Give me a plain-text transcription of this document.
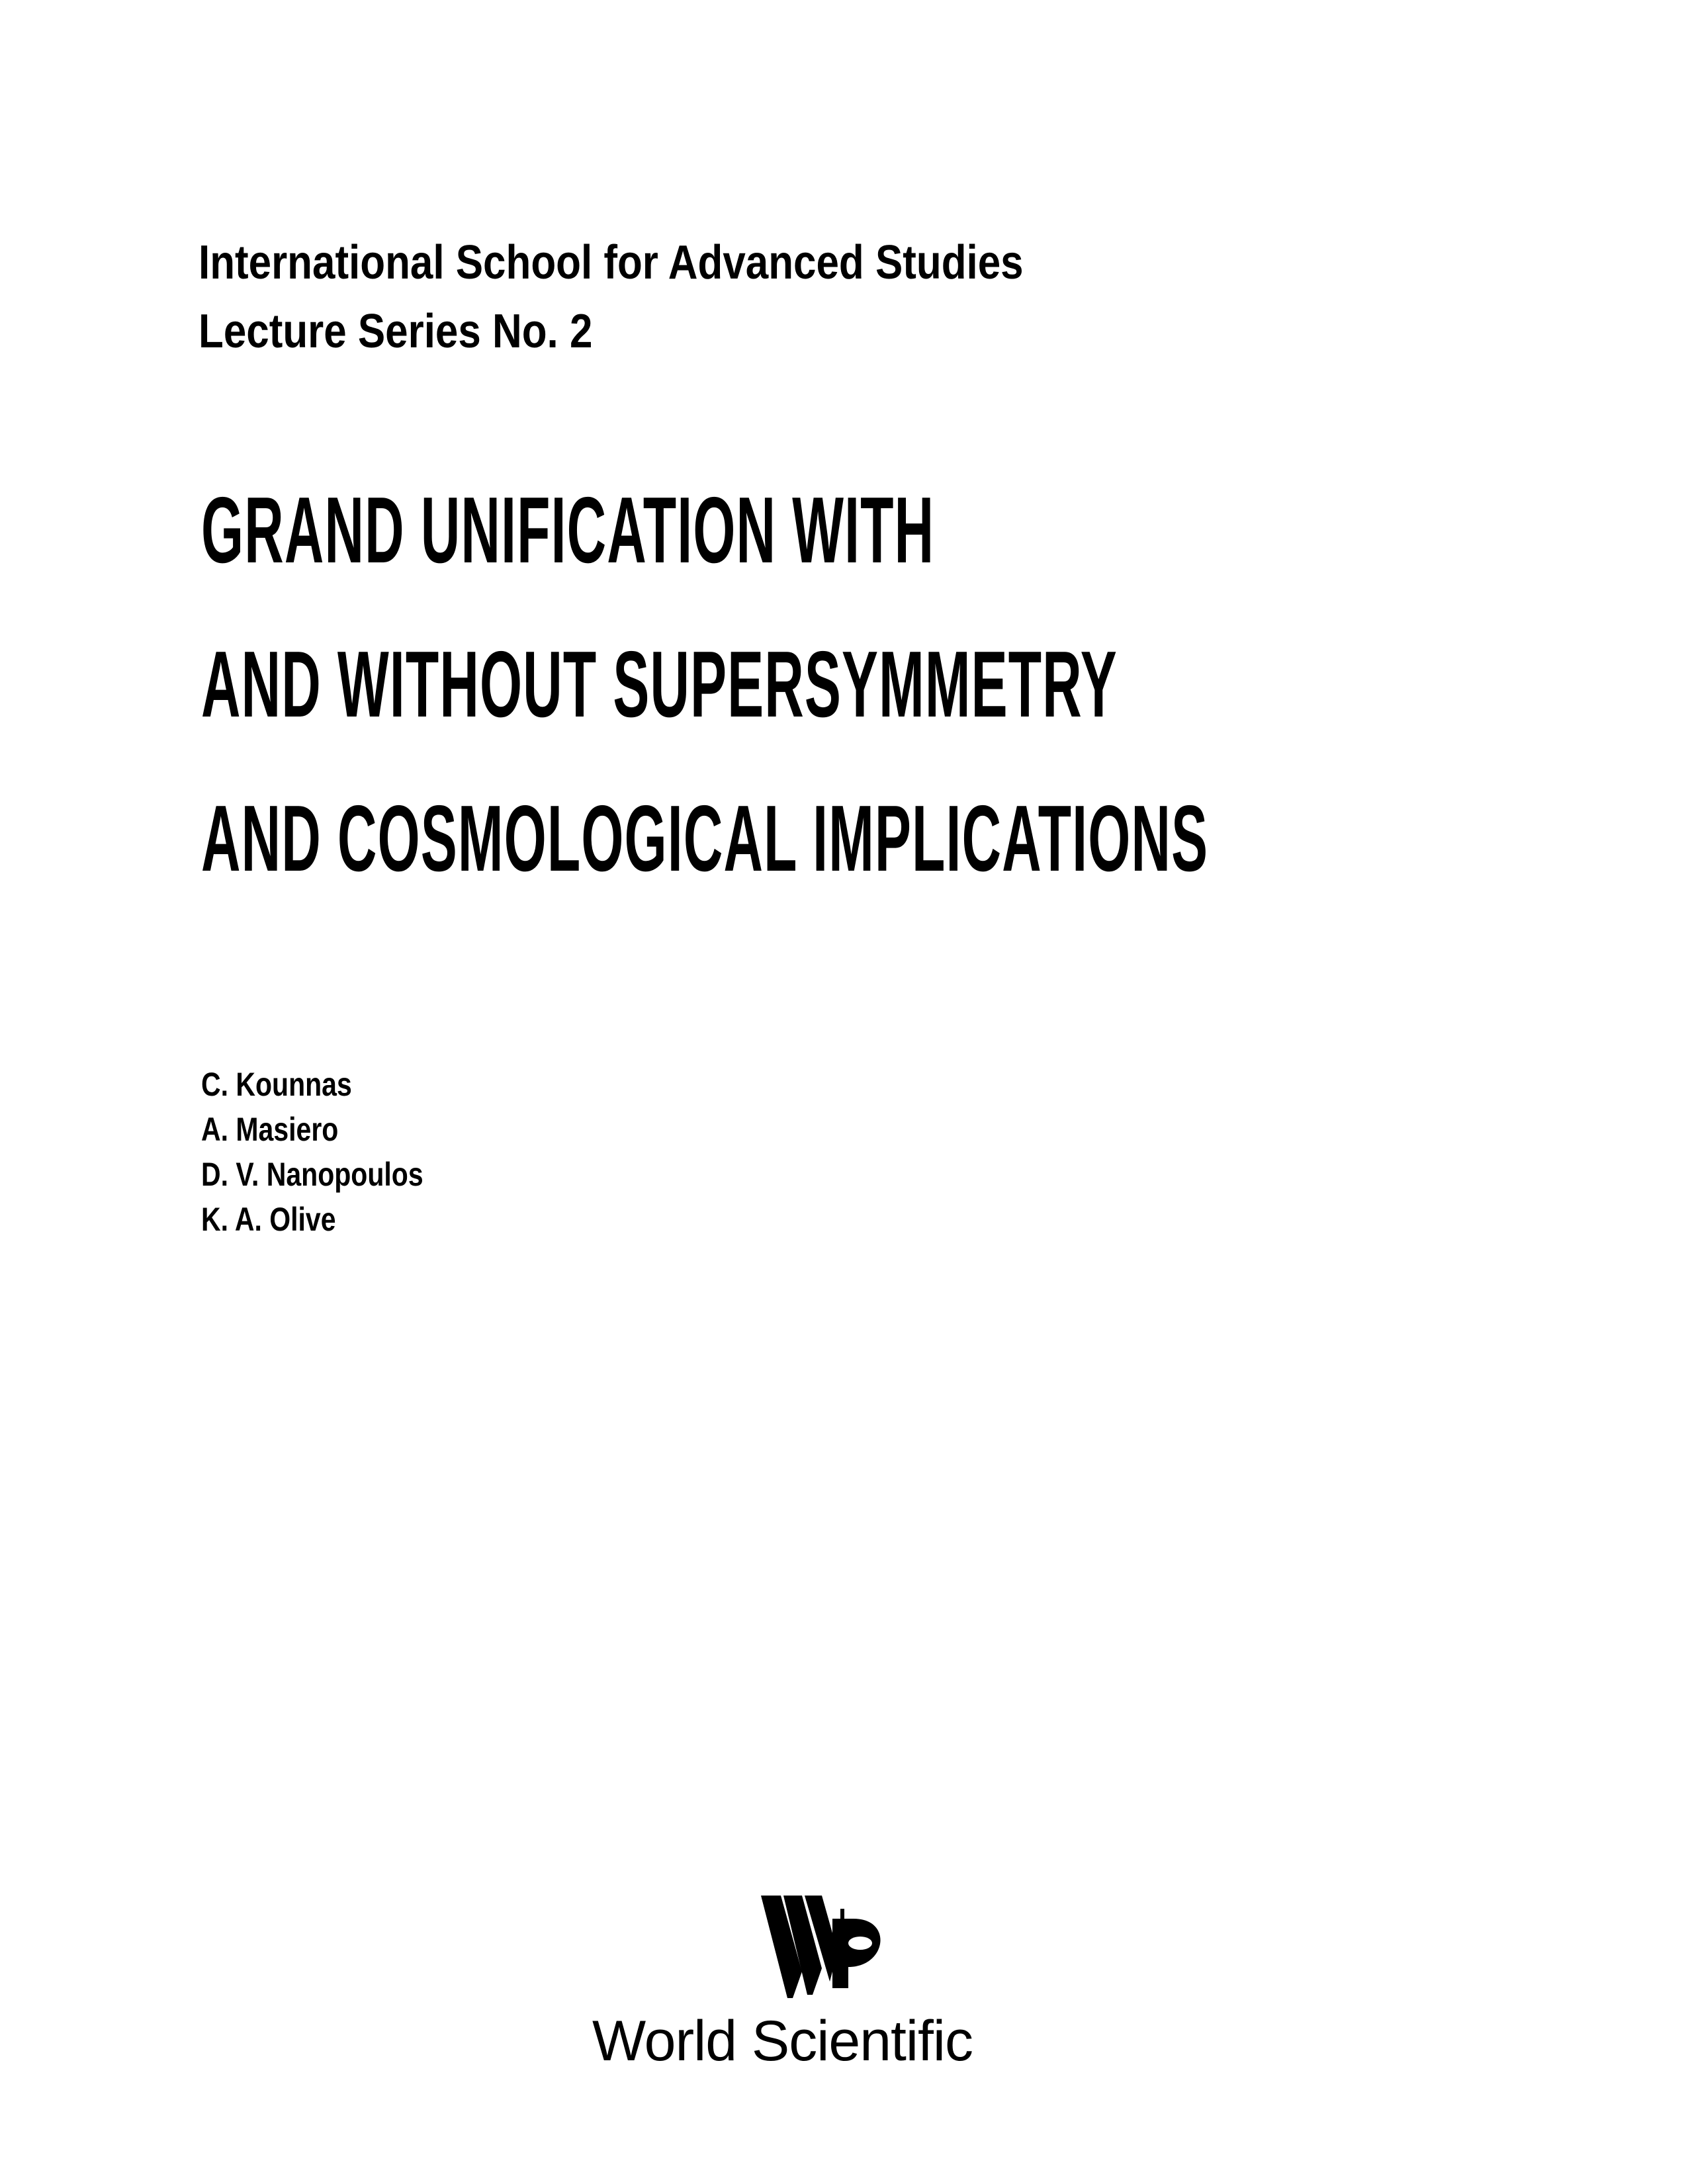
International School for Advanced Studies
Lecture Series No. 2
GRAND UNIFICATION WITH
AND WITHOUT SUPERSYMMETRY
AND COSMOLOGICAL IMPLICATIONS
C. Kounnas
A. Masiero
D. V. Nanopoulos
K. A. Olive
World Scientific
